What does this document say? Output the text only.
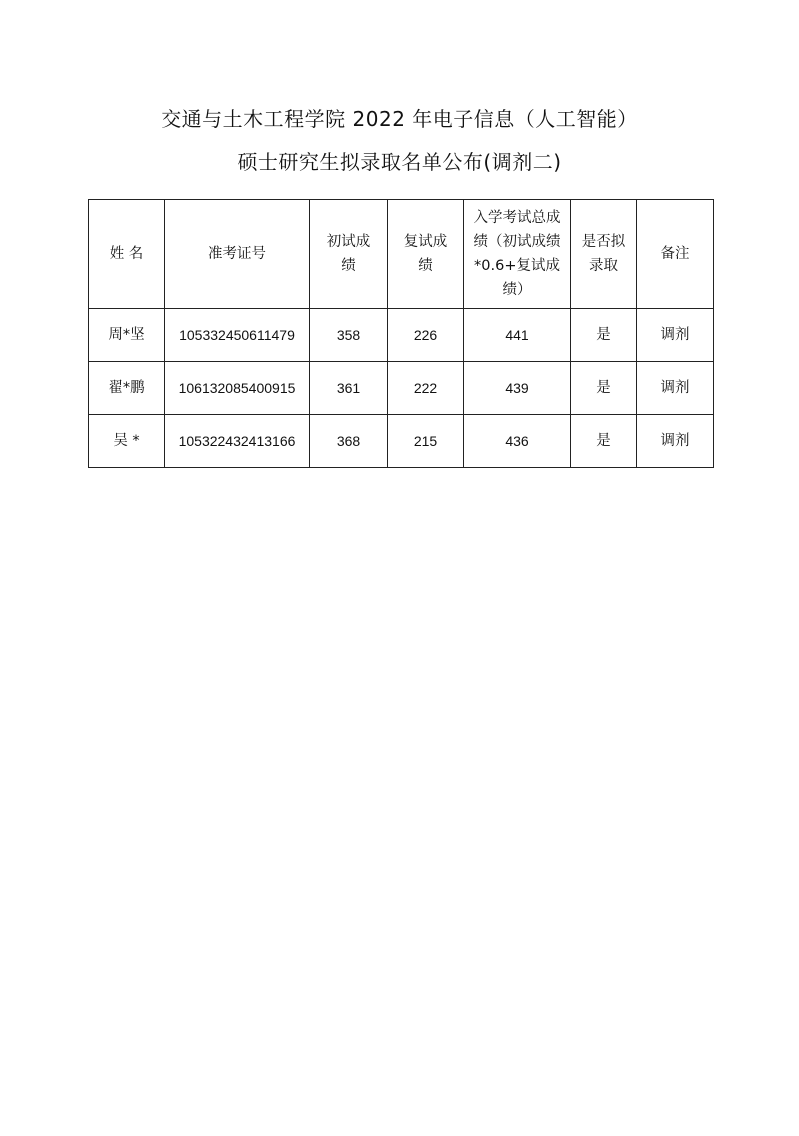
交通与土木工程学院 2022 年电子信息（人工智能）
硕士研究生拟录取名单公布(调剂二)
姓 名	准考证号	初试成绩	复试成绩	入学考试总成绩（初试成绩*0.6+复试成绩）	是否拟录取	备注
周*坚	105332450611479	358	226	441	是	调剂
翟*鹏	106132085400915	361	222	439	是	调剂
吴 *	105322432413166	368	215	436	是	调剂
